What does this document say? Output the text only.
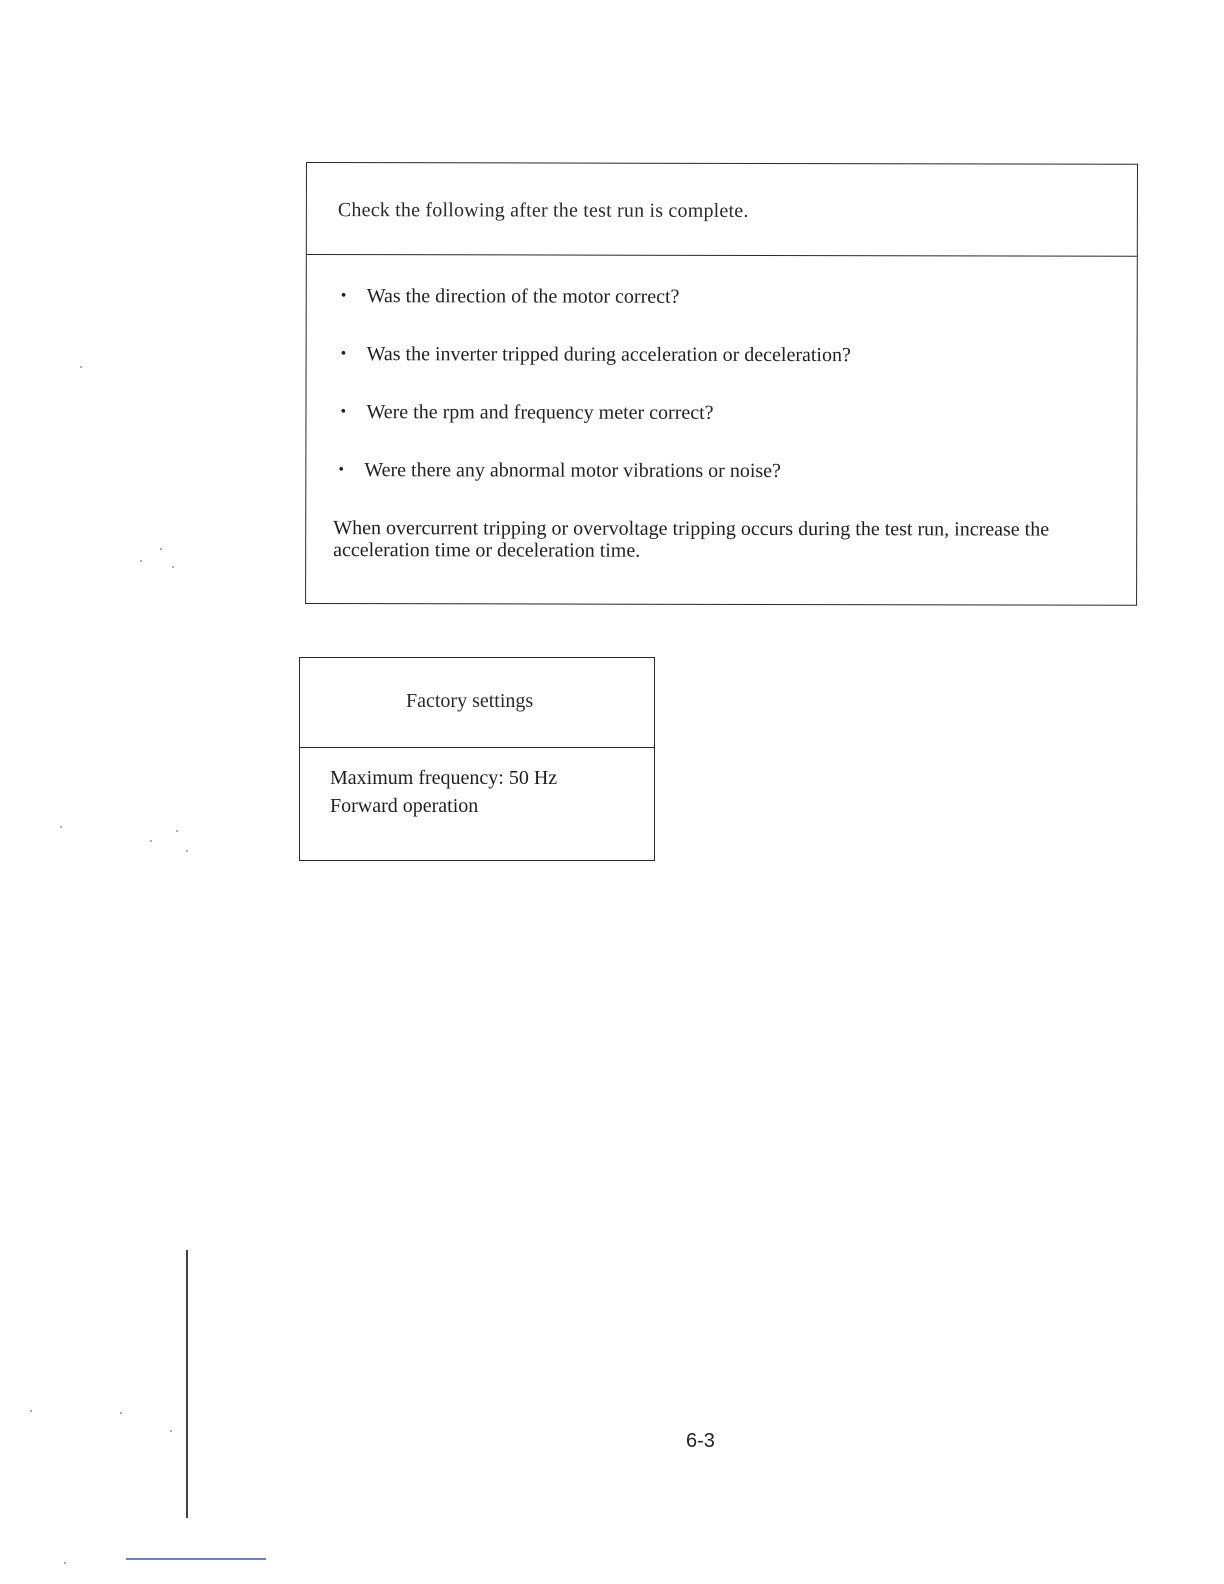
Check the following after the test run is complete.
• Was the direction of the motor correct?
• Was the inverter tripped during acceleration or deceleration?
• Were the rpm and frequency meter correct?
• Were there any abnormal motor vibrations or noise?
When overcurrent tripping or overvoltage tripping occurs during the test run, increase the acceleration time or deceleration time.
Factory settings
Maximum frequency: 50 Hz
Forward operation
6-3
